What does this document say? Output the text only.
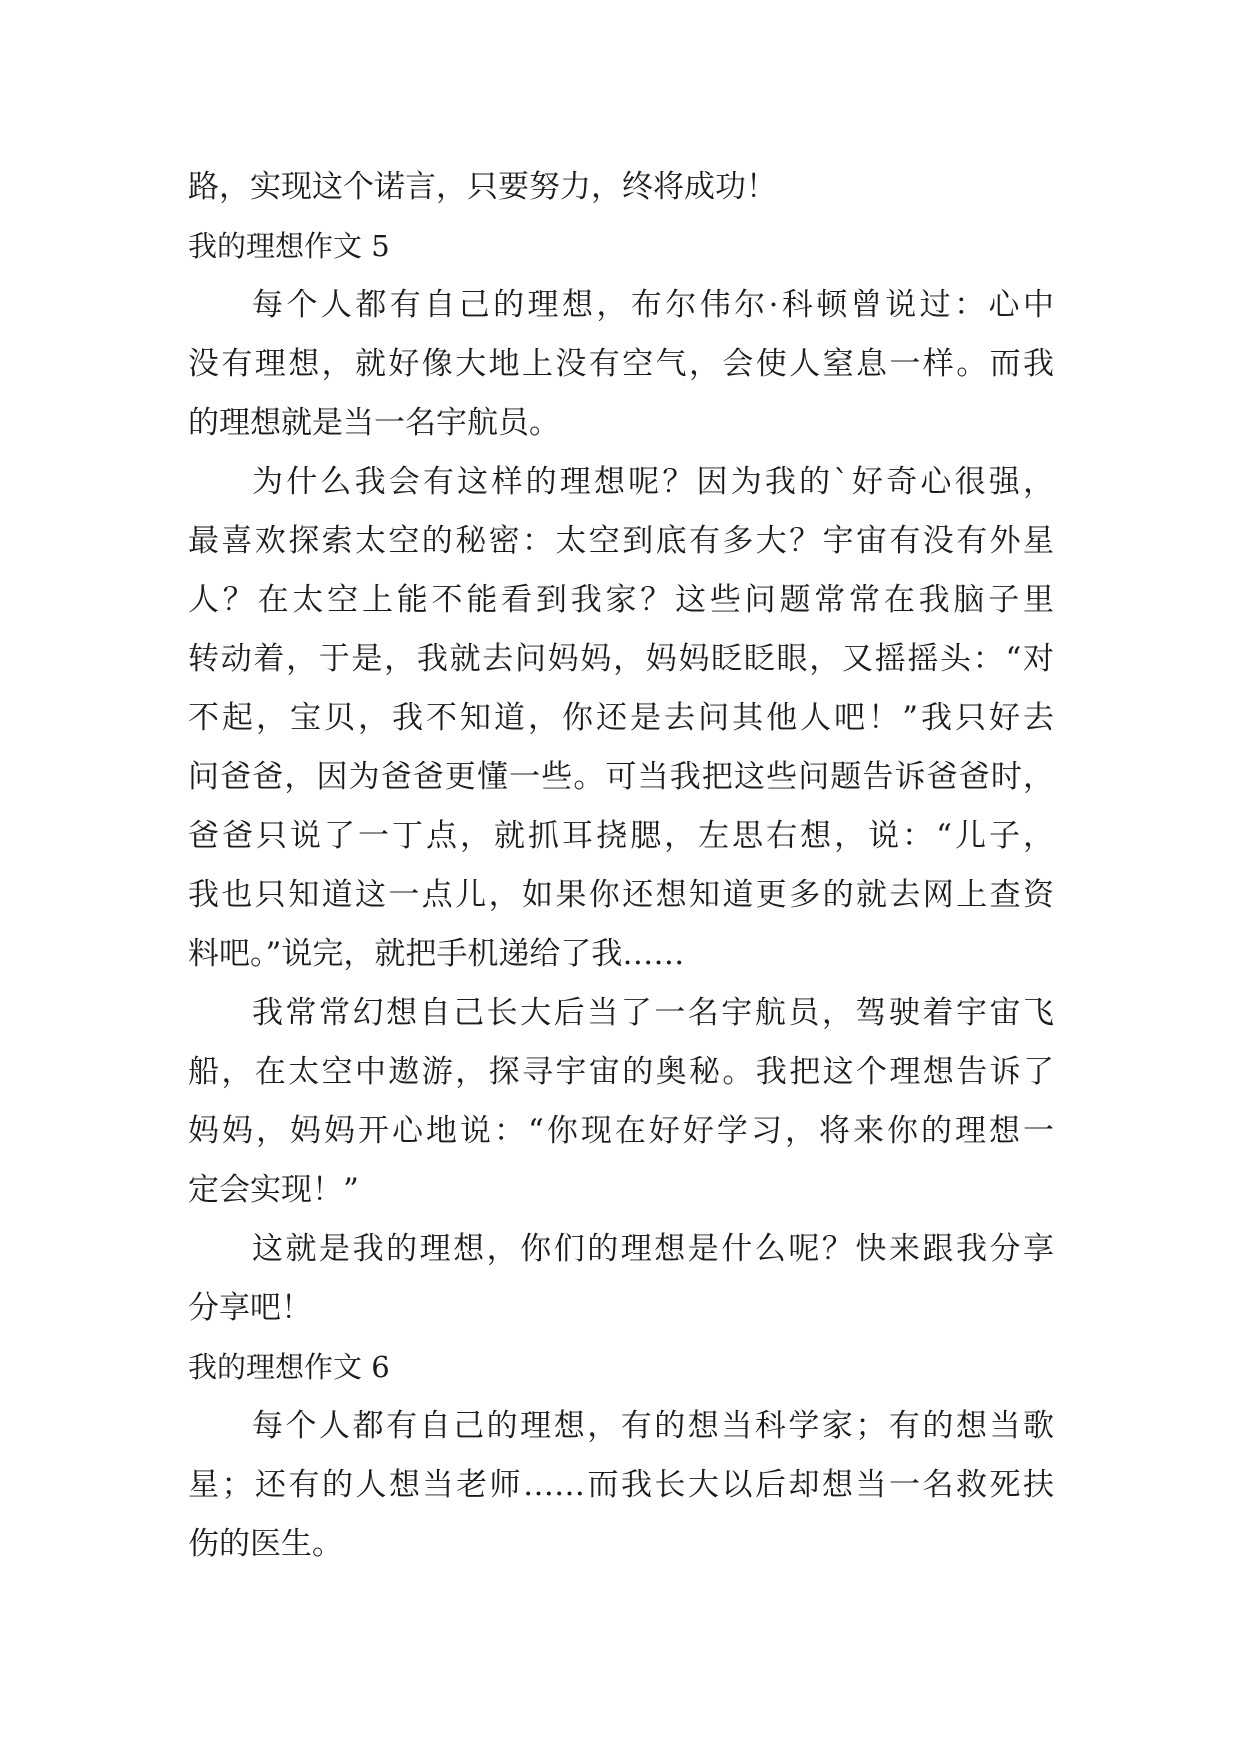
路，实现这个诺言，只要努力，终将成功！
我的理想作文 5
每个人都有自己的理想，布尔伟尔·科顿曾说过：心中
没有理想，就好像大地上没有空气，会使人窒息一样。而我
的理想就是当一名宇航员。
为什么我会有这样的理想呢？因为我的`好奇心很强，
最喜欢探索太空的秘密：太空到底有多大？宇宙有没有外星
人？在太空上能不能看到我家？这些问题常常在我脑子里
转动着，于是，我就去问妈妈，妈妈眨眨眼，又摇摇头：“对
不起，宝贝，我不知道，你还是去问其他人吧！”我只好去
问爸爸，因为爸爸更懂一些。可当我把这些问题告诉爸爸时，
爸爸只说了一丁点，就抓耳挠腮，左思右想，说：“儿子，
我也只知道这一点儿，如果你还想知道更多的就去网上查资
料吧。”说完，就把手机递给了我……
我常常幻想自己长大后当了一名宇航员，驾驶着宇宙飞
船，在太空中遨游，探寻宇宙的奥秘。我把这个理想告诉了
妈妈，妈妈开心地说：“你现在好好学习，将来你的理想一
定会实现！”
这就是我的理想，你们的理想是什么呢？快来跟我分享
分享吧！
我的理想作文 6
每个人都有自己的理想，有的想当科学家；有的想当歌
星；还有的人想当老师……而我长大以后却想当一名救死扶
伤的医生。
